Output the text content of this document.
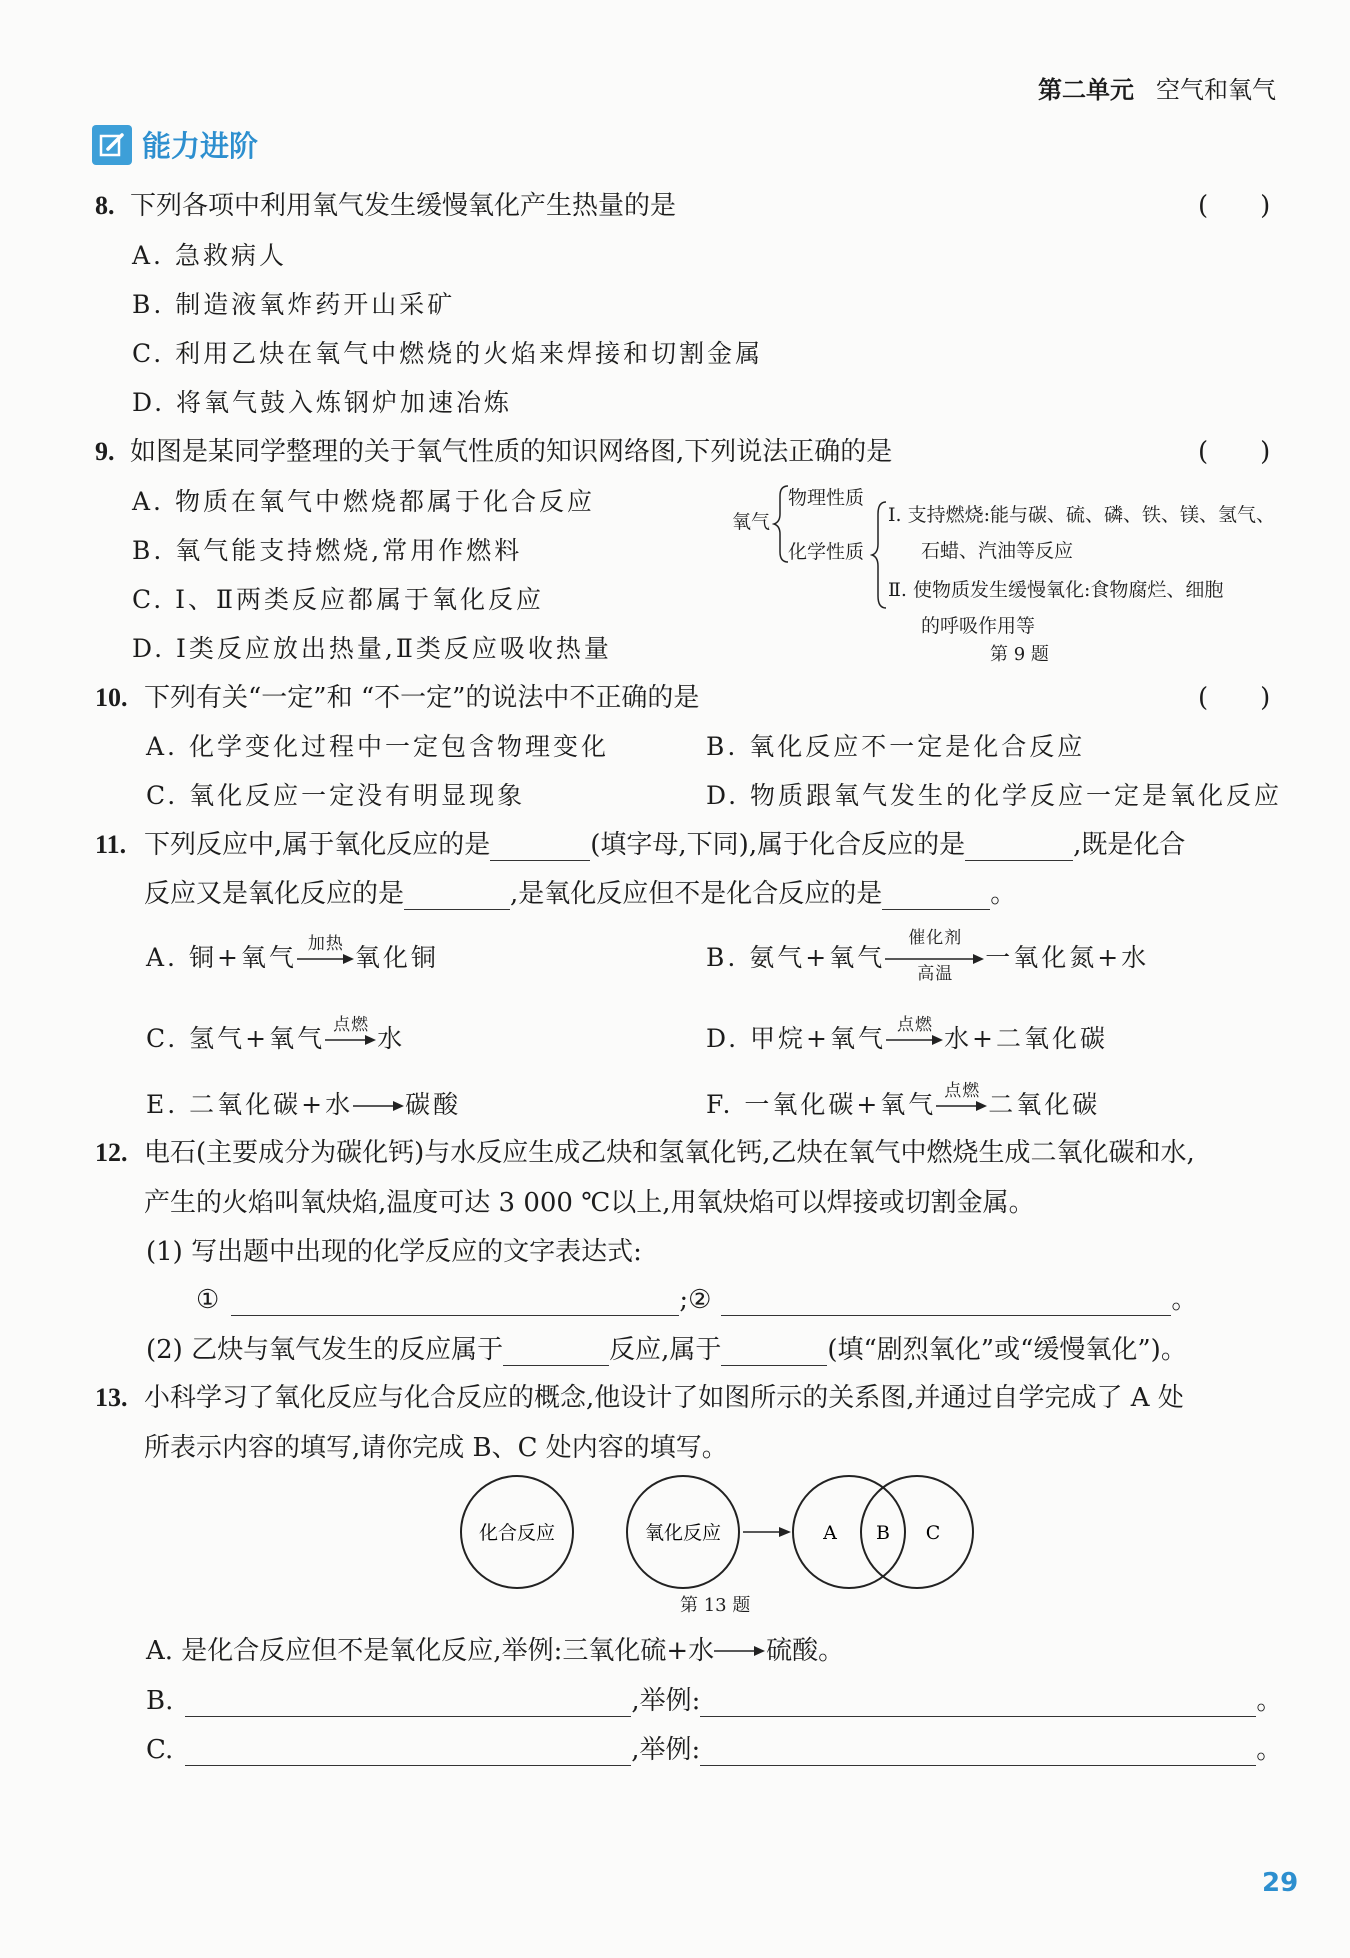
第二单元 空气和氧气
能力进阶
8. 下列各项中利用氧气发生缓慢氧化产生热量的是	(　　)
A. 急救病人
B. 制造液氧炸药开山采矿
C. 利用乙炔在氧气中燃烧的火焰来焊接和切割金属
D. 将氧气鼓入炼钢炉加速冶炼
9. 如图是某同学整理的关于氧气性质的知识网络图,下列说法正确的是	(　　)
A. 物质在氧气中燃烧都属于化合反应
B. 氧气能支持燃烧,常用作燃料
C. Ⅰ、Ⅱ两类反应都属于氧化反应
D. Ⅰ类反应放出热量,Ⅱ类反应吸收热量
氧气
物理性质
化学性质
Ⅰ. 支持燃烧:能与碳、硫、磷、铁、镁、氢气、
石蜡、汽油等反应
Ⅱ. 使物质发生缓慢氧化:食物腐烂、细胞
的呼吸作用等
第 9 题
10. 下列有关“一定”和 “不一定”的说法中不正确的是	(　　)
A. 化学变化过程中一定包含物理变化	B. 氧化反应不一定是化合反应
C. 氧化反应一定没有明显现象	D. 物质跟氧气发生的化学反应一定是氧化反应
11. 下列反应中,属于氧化反应的是	(填字母,下同),属于化合反应的是	,既是化合
反应又是氧化反应的是	,是氧化反应但不是化合反应的是	。
A. 铜+氧气 加热 氧化铜	B. 氨气+氧气
催化剂
高温
一氧化氮+水
C. 氢气+氧气 点燃 水	D. 甲烷+氧气 点燃 水+二氧化碳
E. 二氧化碳+水→碳酸	F. 一氧化碳+氧气 点燃 二氧化碳
12. 电石(主要成分为碳化钙)与水反应生成乙炔和氢氧化钙,乙炔在氧气中燃烧生成二氧化碳和水,
产生的火焰叫氧炔焰,温度可达 3 000 ℃以上,用氧炔焰可以焊接或切割金属。
(1) 写出题中出现的化学反应的文字表达式:
①	;②	。
(2) 乙炔与氧气发生的反应属于	反应,属于	(填“剧烈氧化”或“缓慢氧化”)。
13. 小科学习了氧化反应与化合反应的概念,他设计了如图所示的关系图,并通过自学完成了 A 处
所表示内容的填写,请你完成 B、C 处内容的填写。
化合反应	氧化反应	A B C
第 13 题
A. 是化合反应但不是氧化反应,举例:三氧化硫+水→硫酸。
B.	,举例:	。
C.	,举例:	。
29
